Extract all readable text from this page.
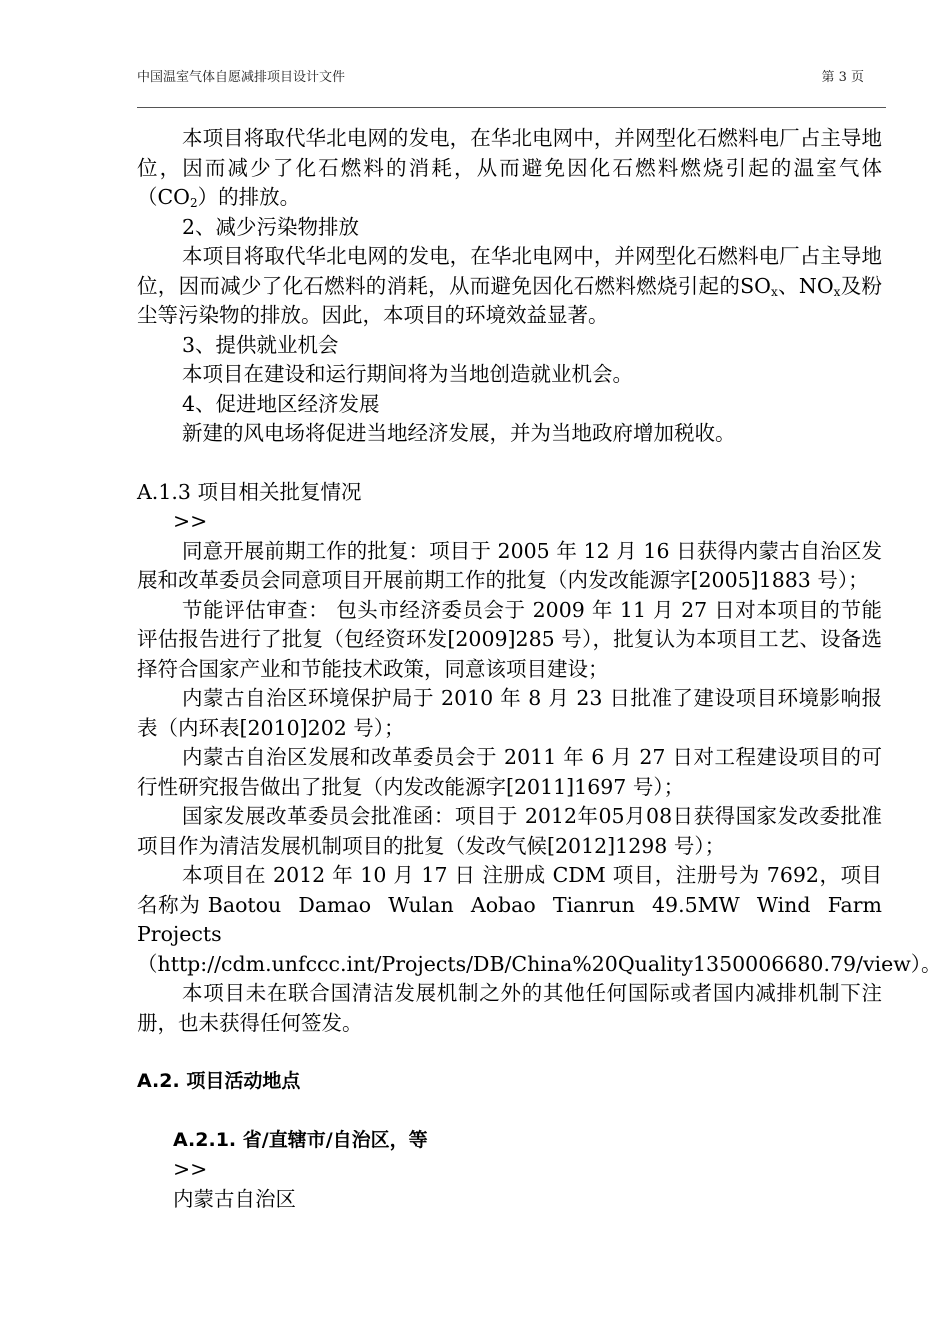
中国温室气体自愿减排项目设计文件	第 3 页

本项目将取代华北电网的发电，在华北电网中，并网型化石燃料电厂占主导地位，因而减少了化石燃料的消耗，从而避免因化石燃料燃烧引起的温室气体$(CO_2)$的排放。

2、减少污染物排放

本项目将取代华北电网的发电，在华北电网中，并网型化石燃料电厂占主导地位，因而减少了化石燃料的消耗，从而避免因化石燃料燃烧引起的$SO_x$、$NO_x$及粉尘等污染物的排放。因此，本项目的环境效益显著。

3、提供就业机会

本项目在建设和运行期间将为当地创造就业机会。

4、促进地区经济发展

新建的风电场将促进当地经济发展，并为当地政府增加税收。

A.1.3 项目相关批复情况

>>

同意开展前期工作的批复：项目于 2005 年 12 月 16 日获得内蒙古自治区发展和改革委员会同意项目开展前期工作的批复（内发改能源字[2005]1883 号）；

节能评估审查： 包头市经济委员会于 2009 年 11 月 27 日对本项目的节能评估报告进行了批复（包经资环发[2009]285 号），批复认为本项目工艺、设备选择符合国家产业和节能技术政策，同意该项目建设；

内蒙古自治区环境保护局于 2010 年 8 月 23 日批准了建设项目环境影响报表（内环表[2010]202 号）；

内蒙古自治区发展和改革委员会于 2011 年 6 月 27 日对工程建设项目的可行性研究报告做出了批复（内发改能源字[2011]1697 号）；

国家发展改革委员会批准函：项目于 2012年05月08日获得国家发改委批准项目作为清洁发展机制项目的批复（发改气候[2012]1298 号）；

本项目在 2012 年 10 月 17 日 注册成 CDM 项目，注册号为 7692，项目名称为 Baotou Damao Wulan Aobao Tianrun 49.5MW Wind Farm Projects（http://cdm.unfccc.int/Projects/DB/China%20Quality1350006680.79/view）。

本项目未在联合国清洁发展机制之外的其他任何国际或者国内减排机制下注册，也未获得任何签发。

A.2. 项目活动地点

A.2.1. 省/直辖市/自治区，等

>>

内蒙古自治区
